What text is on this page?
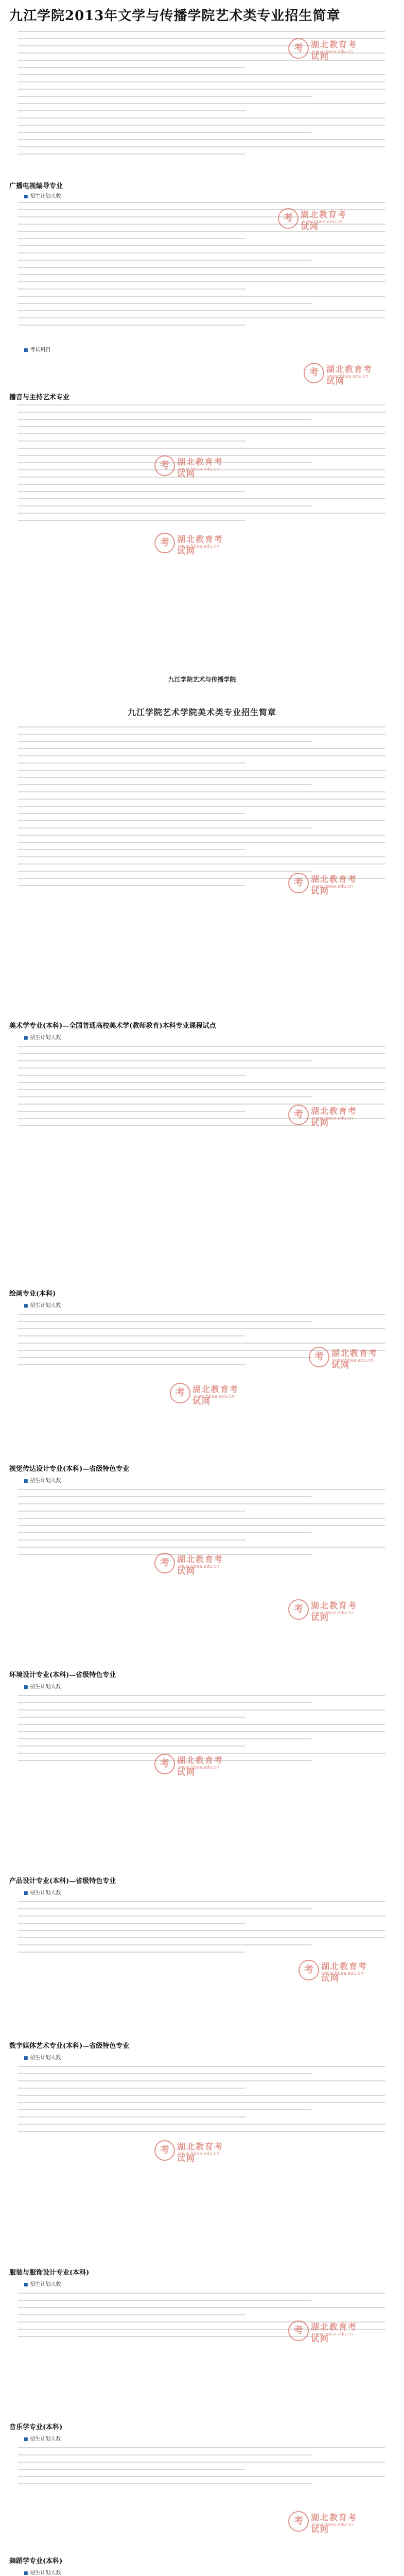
九江学院2013年文学与传播学院艺术类专业招生简章
广播电视编导专业
■ 招生计划人数
■ 考试科目
播音与主持艺术专业
九江学院艺术与传播学院
九江学院艺术学院美术类专业招生简章
美术学专业(本科)—全国普通高校美术学(教师教育)本科专业课程试点
■ 招生计划人数
绘画专业(本科)
■ 招生计划人数
视觉传达设计专业(本科)—省级特色专业
■ 招生计划人数
环境设计专业(本科)—省级特色专业
■ 招生计划人数
产品设计专业(本科)—省级特色专业
■ 招生计划人数
数字媒体艺术专业(本科)—省级特色专业
■ 招生计划人数
服装与服饰设计专业(本科)
■ 招生计划人数
音乐学专业(本科)
■ 招生计划人数
舞蹈学专业(本科)
■ 招生计划人数
考 湖北教育考试网
www.hbea.edu.cn
考 湖北教育考试网
www.hbea.edu.cn
考 湖北教育考试网
www.hbea.edu.cn
考 湖北教育考试网
www.hbea.edu.cn
考 湖北教育考试网
www.hbea.edu.cn
考 湖北教育考试网
www.hbea.edu.cn
考 湖北教育考试网
www.hbea.edu.cn
考 湖北教育考试网
www.hbea.edu.cn
考 湖北教育考试网
www.hbea.edu.cn
考 湖北教育考试网
www.hbea.edu.cn
考 湖北教育考试网
www.hbea.edu.cn
考 湖北教育考试网
www.hbea.edu.cn
考 湖北教育考试网
www.hbea.edu.cn
考 湖北教育考试网
www.hbea.edu.cn
考 湖北教育考试网
www.hbea.edu.cn
考 湖北教育考试网
www.hbea.edu.cn
